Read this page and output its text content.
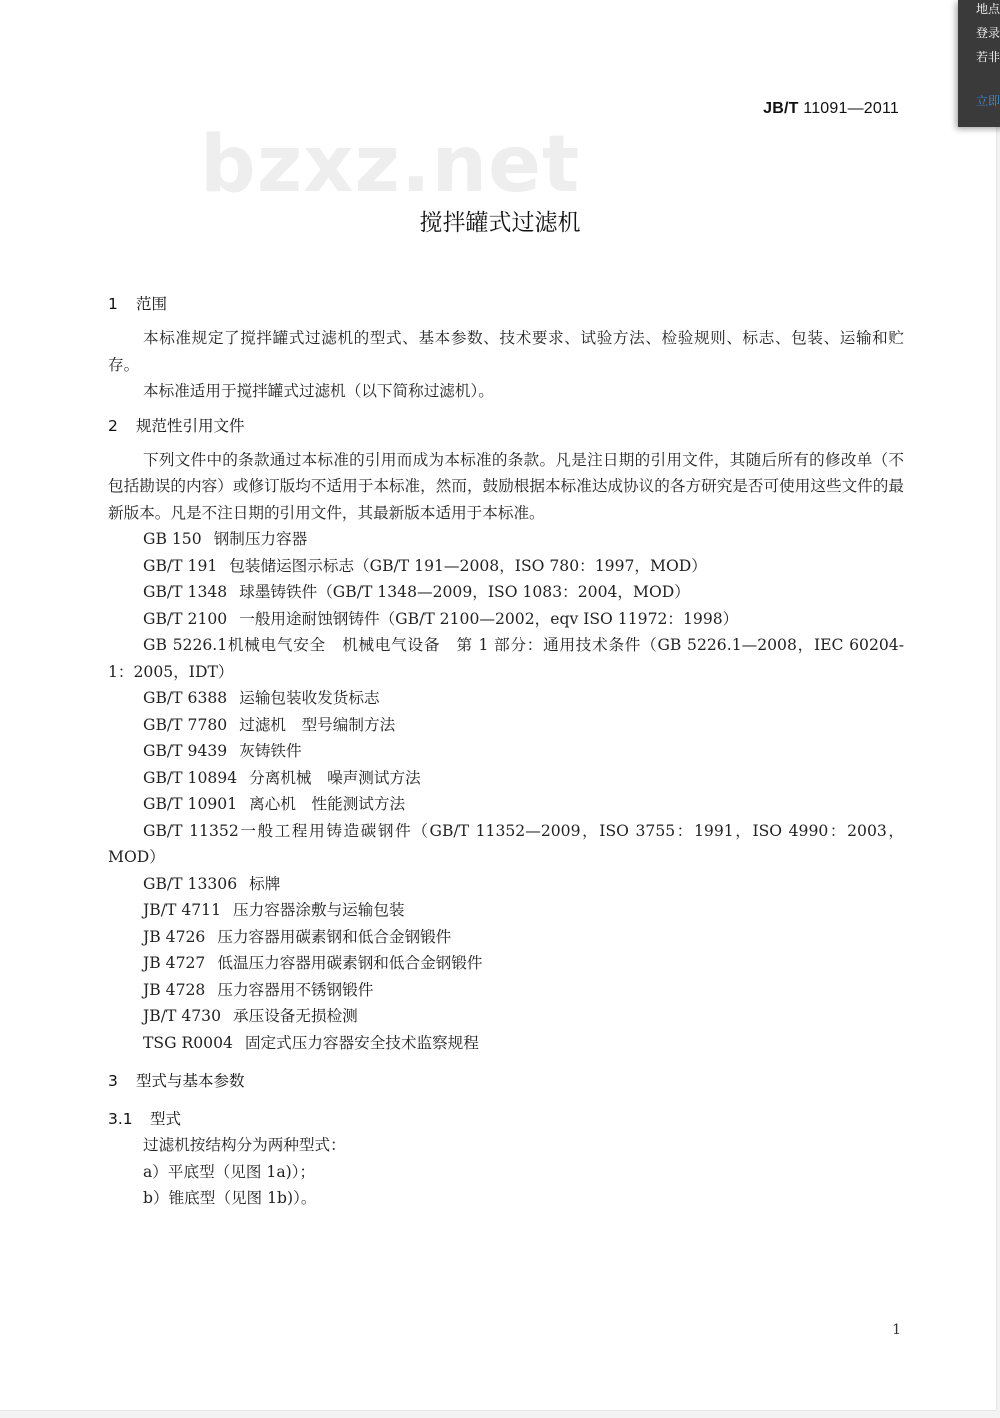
JB/T 11091—2011
bzxz.net
搅拌罐式过滤机
1 范围
本标准规定了搅拌罐式过滤机的型式、基本参数、技术要求、试验方法、检验规则、标志、包装、运输和贮存。
本标准适用于搅拌罐式过滤机（以下简称过滤机）。
2 规范性引用文件
下列文件中的条款通过本标准的引用而成为本标准的条款。凡是注日期的引用文件，其随后所有的修改单（不包括勘误的内容）或修订版均不适用于本标准，然而，鼓励根据本标准达成协议的各方研究是否可使用这些文件的最新版本。凡是不注日期的引用文件，其最新版本适用于本标准。
GB 150 钢制压力容器
GB/T 191 包装储运图示标志（GB/T 191—2008，ISO 780：1997，MOD）
GB/T 1348 球墨铸铁件（GB/T 1348—2009，ISO 1083：2004，MOD）
GB/T 2100 一般用途耐蚀钢铸件（GB/T 2100—2002，eqv ISO 11972：1998）
GB 5226.1机械电气安全　机械电气设备　第 1 部分：通用技术条件（GB 5226.1—2008，IEC 60204-1：2005，IDT）
GB/T 6388 运输包装收发货标志
GB/T 7780 过滤机　型号编制方法
GB/T 9439 灰铸铁件
GB/T 10894 分离机械　噪声测试方法
GB/T 10901 离心机　性能测试方法
GB/T 11352一般工程用铸造碳钢件（GB/T 11352—2009，ISO 3755：1991，ISO 4990：2003，MOD）
GB/T 13306 标牌
JB/T 4711 压力容器涂敷与运输包装
JB 4726 压力容器用碳素钢和低合金钢锻件
JB 4727 低温压力容器用碳素钢和低合金钢锻件
JB 4728 压力容器用不锈钢锻件
JB/T 4730 承压设备无损检测
TSG R0004 固定式压力容器安全技术监察规程
3 型式与基本参数
3.1 型式
过滤机按结构分为两种型式：
a）平底型（见图 1a)）；
b）锥底型（见图 1b)）。
1
地点
登录
若非
立即
